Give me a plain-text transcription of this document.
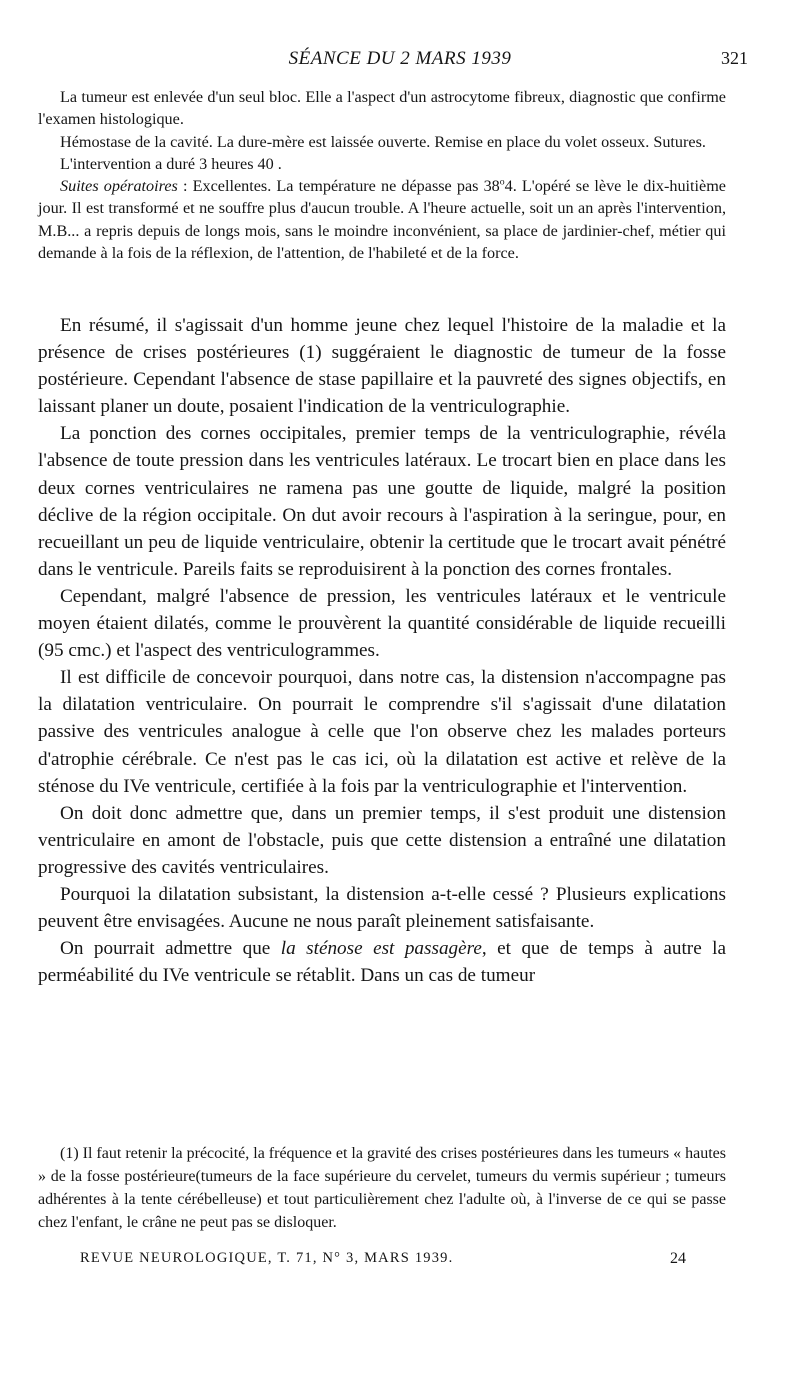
SÉANCE DU 2 MARS 1939	321

La tumeur est enlevée d'un seul bloc. Elle a l'aspect d'un astrocytome fibreux, diagnostic que confirme l'examen histologique.

Hémostase de la cavité. La dure-mère est laissée ouverte. Remise en place du volet osseux. Sutures.

L'intervention a duré 3 heures 40 .

Suites opératoires : Excellentes. La température ne dépasse pas 38$^o$4. L'opéré se lève le dix-huitième jour. Il est transformé et ne souffre plus d'aucun trouble. A l'heure actuelle, soit un an après l'intervention, M.B... a repris depuis de longs mois, sans le moindre inconvénient, sa place de jardinier-chef, métier qui demande à la fois de la réflexion, de l'attention, de l'habileté et de la force.

En résumé, il s'agissait d'un homme jeune chez lequel l'histoire de la maladie et la présence de crises postérieures (1) suggéraient le diagnostic de tumeur de la fosse postérieure. Cependant l'absence de stase papillaire et la pauvreté des signes objectifs, en laissant planer un doute, posaient l'indication de la ventriculographie.

La ponction des cornes occipitales, premier temps de la ventriculographie, révéla l'absence de toute pression dans les ventricules latéraux. Le trocart bien en place dans les deux cornes ventriculaires ne ramena pas une goutte de liquide, malgré la position déclive de la région occipitale. On dut avoir recours à l'aspiration à la seringue, pour, en recueillant un peu de liquide ventriculaire, obtenir la certitude que le trocart avait pénétré dans le ventricule. Pareils faits se reproduisirent à la ponction des cornes frontales.

Cependant, malgré l'absence de pression, les ventricules latéraux et le ventricule moyen étaient dilatés, comme le prouvèrent la quantité considérable de liquide recueilli (95 cmc.) et l'aspect des ventriculogrammes.

Il est difficile de concevoir pourquoi, dans notre cas, la distension n'accompagne pas la dilatation ventriculaire. On pourrait le comprendre s'il s'agissait d'une dilatation passive des ventricules analogue à celle que l'on observe chez les malades porteurs d'atrophie cérébrale. Ce n'est pas le cas ici, où la dilatation est active et relève de la sténose du IVe ventricule, certifiée à la fois par la ventriculographie et l'intervention.

On doit donc admettre que, dans un premier temps, il s'est produit une distension ventriculaire en amont de l'obstacle, puis que cette distension a entraîné une dilatation progressive des cavités ventriculaires.

Pourquoi la dilatation subsistant, la distension a-t-elle cessé ? Plusieurs explications peuvent être envisagées. Aucune ne nous paraît pleinement satisfaisante.

On pourrait admettre que la sténose est passagère, et que de temps à autre la perméabilité du IVe ventricule se rétablit. Dans un cas de tumeur

(1) Il faut retenir la précocité, la fréquence et la gravité des crises postérieures dans les tumeurs « hautes » de la fosse postérieure(tumeurs de la face supérieure du cervelet, tumeurs du vermis supérieur ; tumeurs adhérentes à la tente cérébelleuse) et tout particulièrement chez l'adulte où, à l'inverse de ce qui se passe chez l'enfant, le crâne ne peut pas se disloquer.

REVUE NEUROLOGIQUE, T. 71, N° 3, MARS 1939.	24
